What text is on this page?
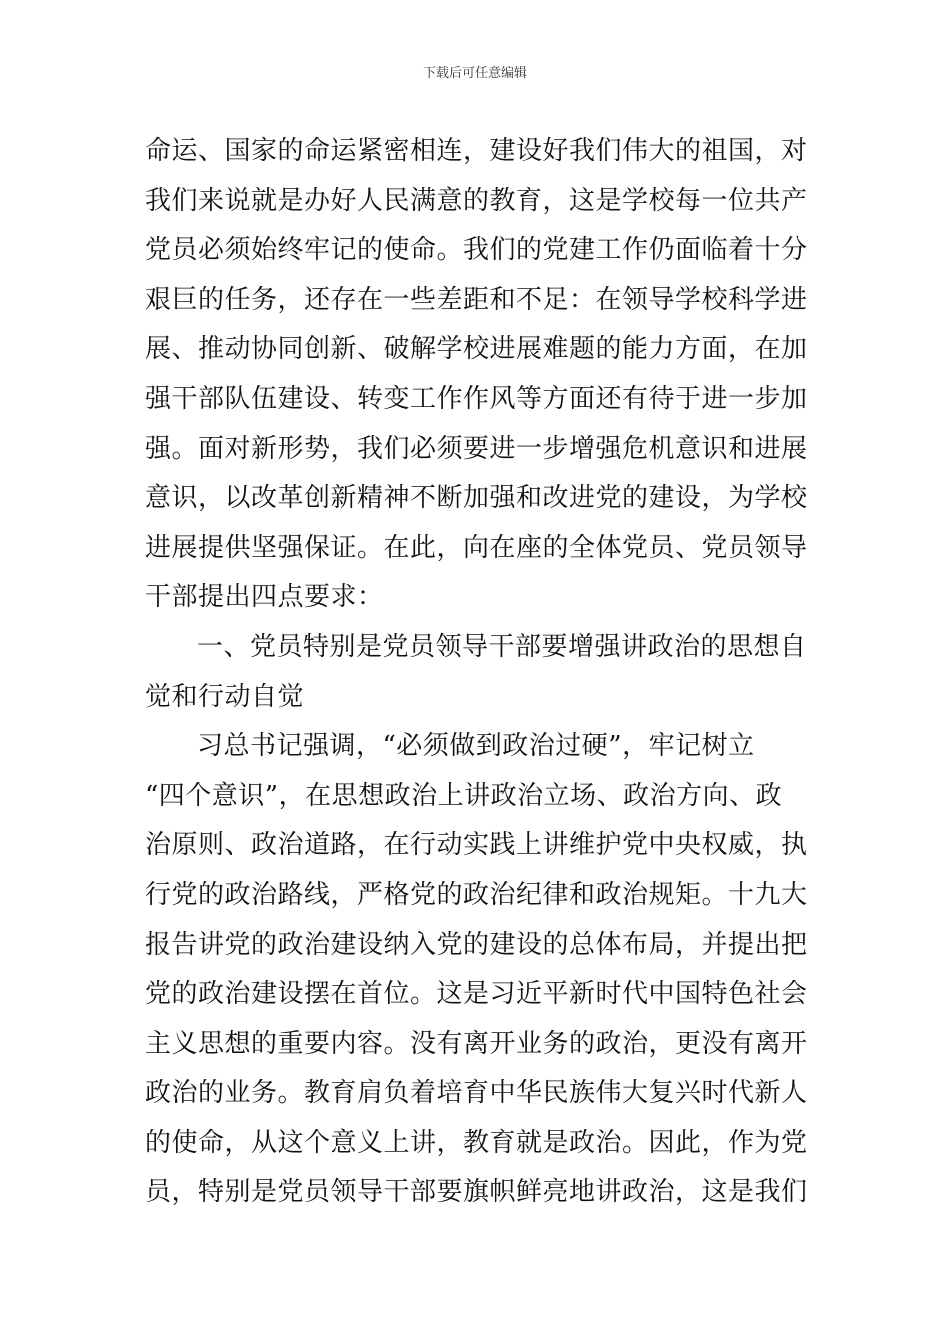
下载后可任意编辑
命运、国家的命运紧密相连，建设好我们伟大的祖国，对
我们来说就是办好人民满意的教育，这是学校每一位共产
党员必须始终牢记的使命。我们的党建工作仍面临着十分
艰巨的任务，还存在一些差距和不足：在领导学校科学进
展、推动协同创新、破解学校进展难题的能力方面，在加
强干部队伍建设、转变工作作风等方面还有待于进一步加
强。面对新形势，我们必须要进一步增强危机意识和进展
意识，以改革创新精神不断加强和改进党的建设，为学校
进展提供坚强保证。在此，向在座的全体党员、党员领导
干部提出四点要求：
一、党员特别是党员领导干部要增强讲政治的思想自
觉和行动自觉
习总书记强调，“必须做到政治过硬”，牢记树立
“四个意识”，在思想政治上讲政治立场、政治方向、政
治原则、政治道路，在行动实践上讲维护党中央权威，执
行党的政治路线，严格党的政治纪律和政治规矩。十九大
报告讲党的政治建设纳入党的建设的总体布局，并提出把
党的政治建设摆在首位。这是习近平新时代中国特色社会
主义思想的重要内容。没有离开业务的政治，更没有离开
政治的业务。教育肩负着培育中华民族伟大复兴时代新人
的使命，从这个意义上讲，教育就是政治。因此，作为党
员，特别是党员领导干部要旗帜鲜亮地讲政治，这是我们
